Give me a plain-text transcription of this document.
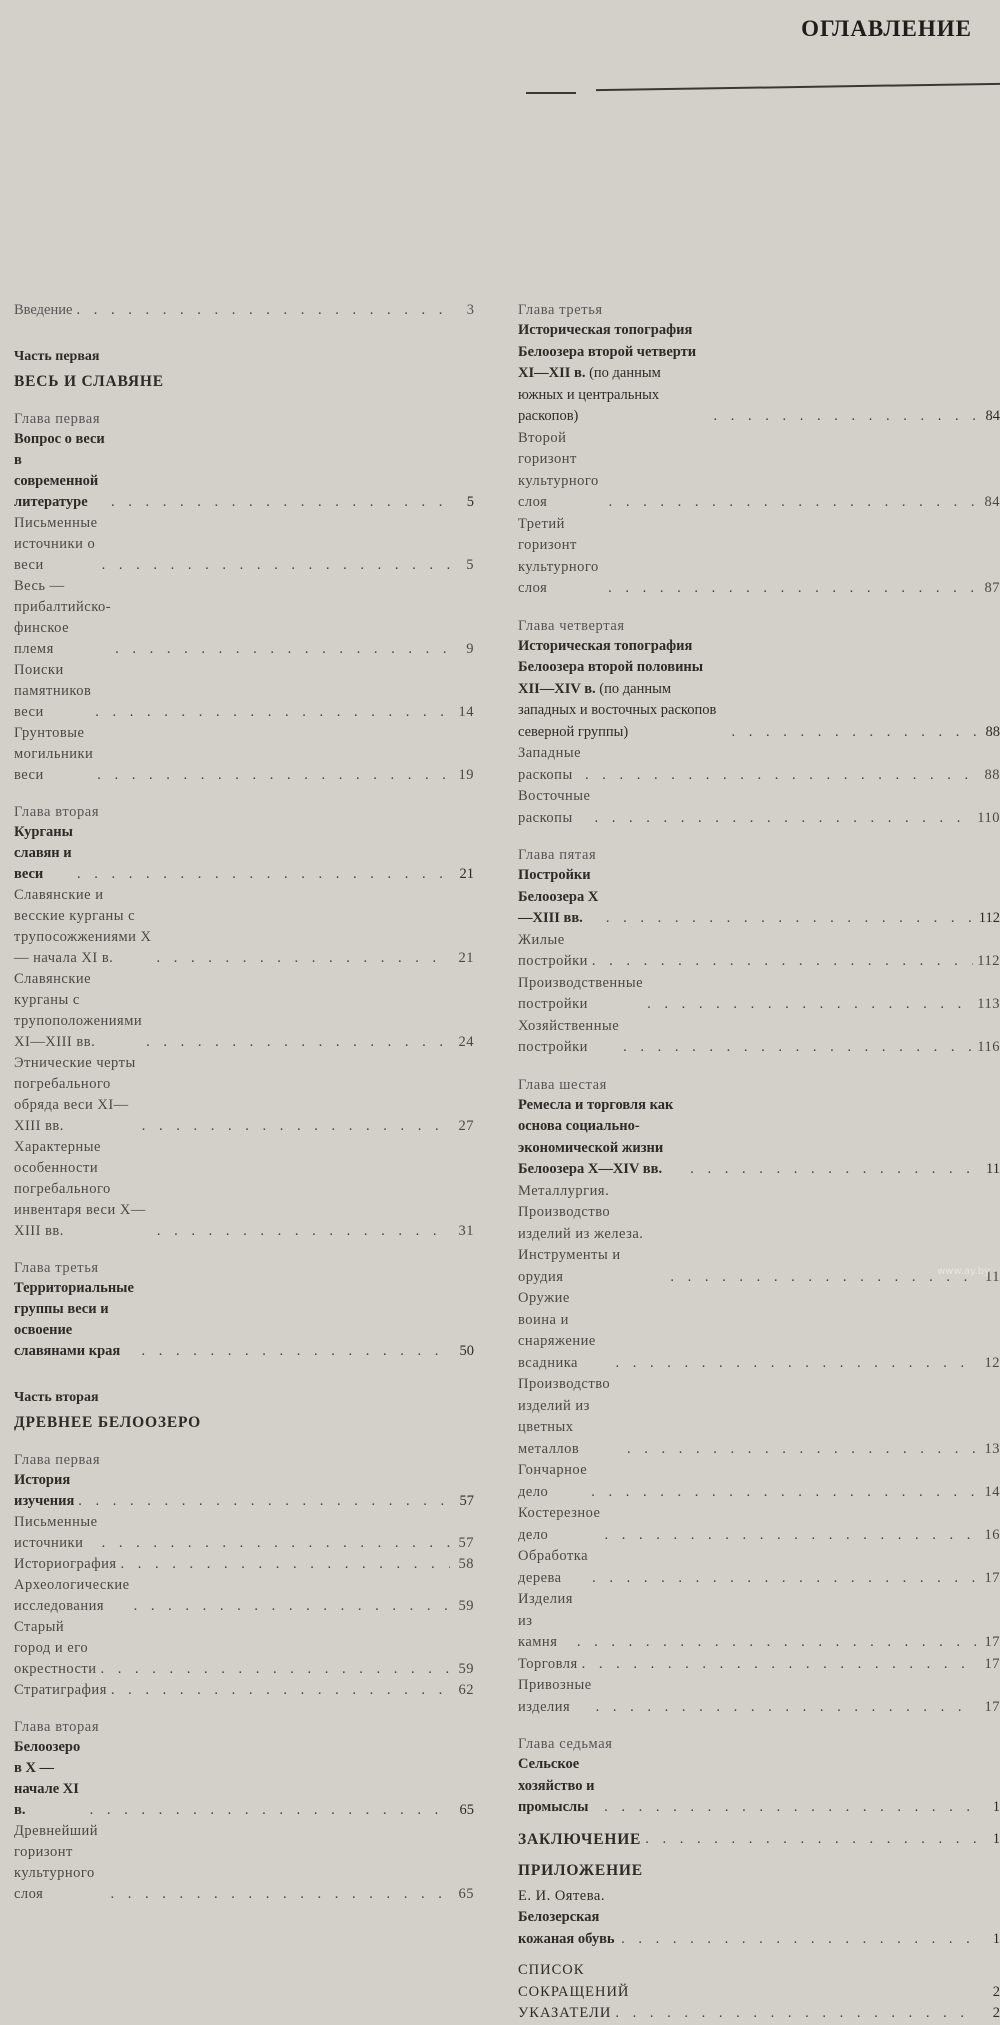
ОГЛАВЛЕНИЕ
Введение . . .	3
Часть первая
ВЕСЬ И СЛАВЯНЕ
Глава первая
Вопрос о веси в современной литературе . . .	5
Письменные источники о веси . . .	5
Весь — прибалтийско-финское племя . . .	9
Поиски памятников веси . . .	14
Грунтовые могильники веси . . .	19
Глава вторая
Курганы славян и веси . . .	21
Славянские и весские курганы с трупосожжениями X — начала XI в. . . .	21
Славянские курганы с трупоположениями XI—XIII вв. . . .	24
Этнические черты погребального обряда веси XI—XIII вв. . . .	27
Характерные особенности погребального инвентаря веси X—XIII вв. . . .	31
Глава третья
Территориальные группы веси и освоение славянами края . . .	50
Часть вторая
ДРЕВНЕЕ БЕЛООЗЕРО
Глава первая
История изучения . . .	57
Письменные источники . . .	57
Историография . . .	58
Археологические исследования . . .	59
Старый город и его окрестности . . .	59
Стратиграфия . . .	62
Глава вторая
Белоозеро в X — начале XI в. . . .	65
Древнейший горизонт культурного слоя . . .	65
Глава третья
Историческая топография Белоозера второй четверти XI—XII в. (по данным южных и центральных раскопов) . . .	84
Второй горизонт культурного слоя . . .	84
Третий горизонт культурного слоя . . .	87
Глава четвертая
Историческая топография Белоозера второй половины XII—XIV в. (по данным западных и восточных раскопов северной группы) . . .	88
Западные раскопы . . .	88
Восточные раскопы . . .	110
Глава пятая
Постройки Белоозера X—XIII вв. . . .	112
Жилые постройки . . .	112
Производственные постройки . . .	113
Хозяйственные постройки . . .	116
Глава шестая
Ремесла и торговля как основа социально-экономической жизни Белоозера X—XIV вв. . . .	11
Металлургия. Производство изделий из железа. Инструменты и орудия . . .	11
Оружие воина и снаряжение всадника . . .	12
Производство изделий из цветных металлов . . .	13
Гончарное дело . . .	14
Костерезное дело . . .	16
Обработка дерева . . .	17
Изделия из камня . . .	17
Торговля . . .	17
Привозные изделия . . .	17
Глава седьмая
Сельское хозяйство и промыслы . . .	1
ЗАКЛЮЧЕНИЕ . . .	1
ПРИЛОЖЕНИЕ
Е. И. Оятева. Белозерская кожаная обувь . . .	1
СПИСОК СОКРАЩЕНИЙ	2
УКАЗАТЕЛИ . . .	2
www.ay.by
